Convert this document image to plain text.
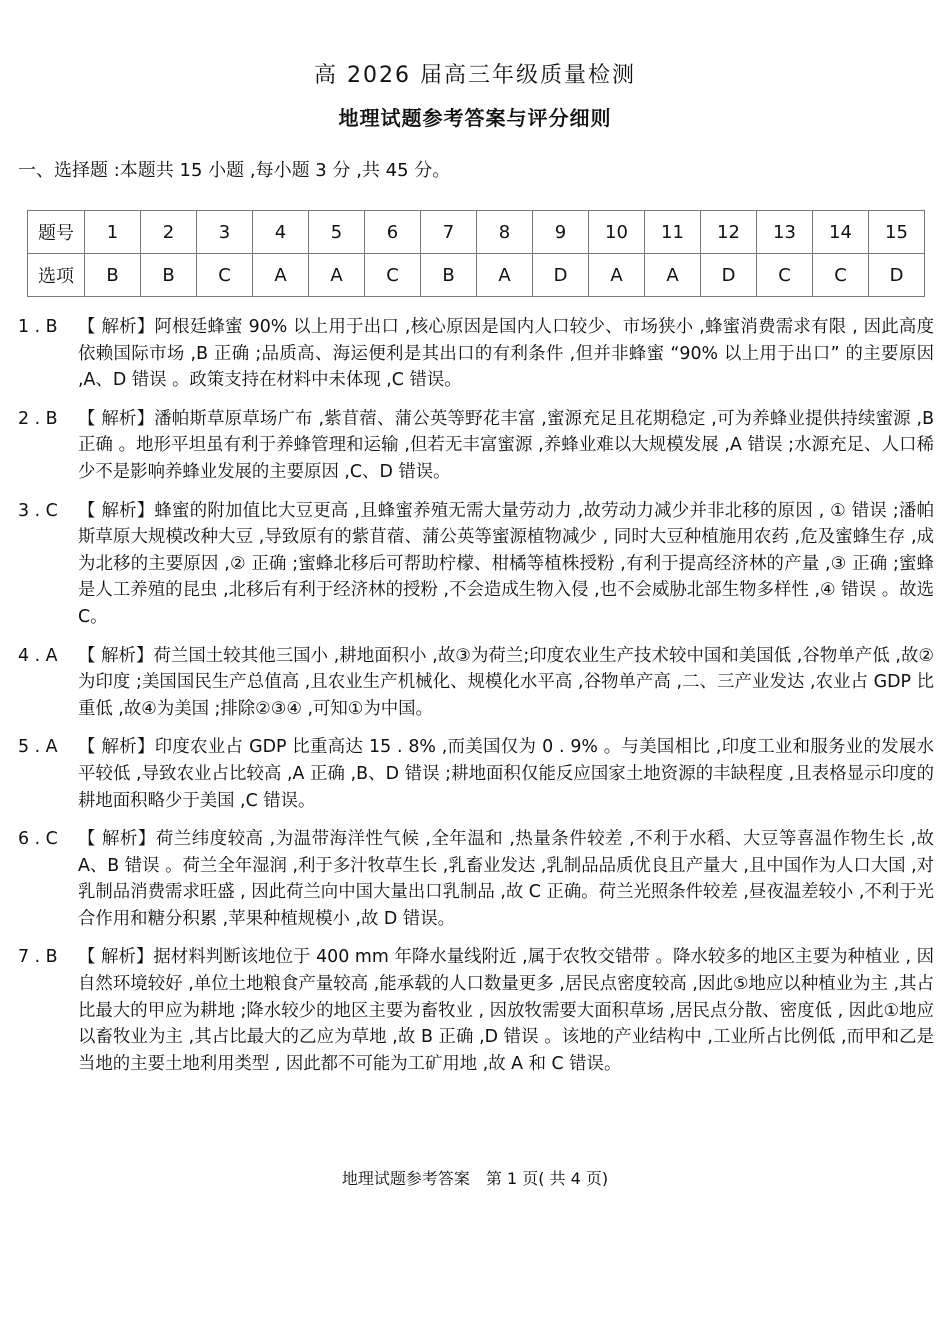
高 2026 届高三年级质量检测
地理试题参考答案与评分细则
一、选择题 :本题共 15 小题 ,每小题 3 分 ,共 45 分。
题号	1	2	3	4	5	6	7	8	9	10	11	12	13	14	15
选项	B	B	C	A	A	C	B	A	D	A	A	D	C	C	D
1 . B	【 解析】阿根廷蜂蜜 90% 以上用于出口 ,核心原因是国内人口较少、市场狭小 ,蜂蜜消费需求有限 , 因此高度依赖国际市场 ,B 正确 ;品质高、海运便利是其出口的有利条件 ,但并非蜂蜜 “90% 以上用于出口” 的主要原因 ,A、D 错误 。政策支持在材料中未体现 ,C 错误。
2 . B	【 解析】潘帕斯草原草场广布 ,紫苜蓿、蒲公英等野花丰富 ,蜜源充足且花期稳定 ,可为养蜂业提供持续蜜源 ,B 正确 。地形平坦虽有利于养蜂管理和运输 ,但若无丰富蜜源 ,养蜂业难以大规模发展 ,A 错误 ;水源充足、人口稀少不是影响养蜂业发展的主要原因 ,C、D 错误。
3 . C	【 解析】蜂蜜的附加值比大豆更高 ,且蜂蜜养殖无需大量劳动力 ,故劳动力减少并非北移的原因 , ① 错误 ;潘帕斯草原大规模改种大豆 ,导致原有的紫苜蓿、蒲公英等蜜源植物减少 , 同时大豆种植施用农药 ,危及蜜蜂生存 ,成为北移的主要原因 ,② 正确 ;蜜蜂北移后可帮助柠檬、柑橘等植株授粉 ,有利于提高经济林的产量 ,③ 正确 ;蜜蜂是人工养殖的昆虫 ,北移后有利于经济林的授粉 ,不会造成生物入侵 ,也不会威胁北部生物多样性 ,④ 错误 。故选 C。
4 . A	【 解析】荷兰国土较其他三国小 ,耕地面积小 ,故③为荷兰;印度农业生产技术较中国和美国低 ,谷物单产低 ,故②为印度 ;美国国民生产总值高 ,且农业生产机械化、规模化水平高 ,谷物单产高 ,二、三产业发达 ,农业占 GDP 比重低 ,故④为美国 ;排除②③④ ,可知①为中国。
5 . A	【 解析】印度农业占 GDP 比重高达 15 . 8% ,而美国仅为 0 . 9% 。与美国相比 ,印度工业和服务业的发展水平较低 ,导致农业占比较高 ,A 正确 ,B、D 错误 ;耕地面积仅能反应国家土地资源的丰缺程度 ,且表格显示印度的耕地面积略少于美国 ,C 错误。
6 . C	【 解析】荷兰纬度较高 ,为温带海洋性气候 ,全年温和 ,热量条件较差 ,不利于水稻、大豆等喜温作物生长 ,故 A、B 错误 。荷兰全年湿润 ,利于多汁牧草生长 ,乳畜业发达 ,乳制品品质优良且产量大 ,且中国作为人口大国 ,对乳制品消费需求旺盛 , 因此荷兰向中国大量出口乳制品 ,故 C 正确。荷兰光照条件较差 ,昼夜温差较小 ,不利于光合作用和糖分积累 ,苹果种植规模小 ,故 D 错误。
7 . B	【 解析】据材料判断该地位于 400 mm 年降水量线附近 ,属于农牧交错带 。降水较多的地区主要为种植业 , 因自然环境较好 ,单位土地粮食产量较高 ,能承载的人口数量更多 ,居民点密度较高 ,因此⑤地应以种植业为主 ,其占比最大的甲应为耕地 ;降水较少的地区主要为畜牧业 , 因放牧需要大面积草场 ,居民点分散、密度低 , 因此①地应以畜牧业为主 ,其占比最大的乙应为草地 ,故 B 正确 ,D 错误 。该地的产业结构中 ,工业所占比例低 ,而甲和乙是当地的主要土地利用类型 , 因此都不可能为工矿用地 ,故 A 和 C 错误。
地理试题参考答案　第 1 页( 共 4 页)
